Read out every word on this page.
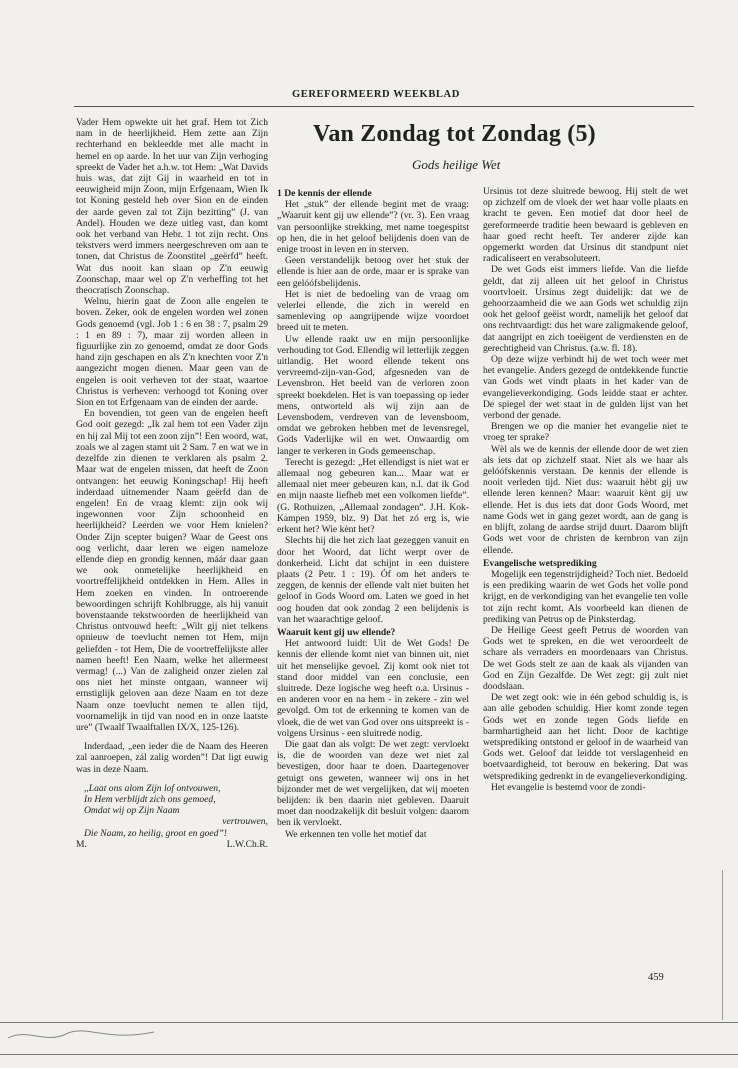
GEREFORMEERD WEEKBLAD

Vader Hem opwekte uit het graf. Hem tot Zich nam in de heerlijkheid. Hem zette aan Zijn rechterhand en bekleedde met alle macht in hemel en op aarde. In het uur van Zijn verhoging spreekt de Vader het a.h.w. tot Hem: „Wat Davids huis was, dat zijt Gij in waarheid en tot in eeuwigheid mijn Zoon, mijn Erfgenaam, Wien Ik tot Koning gesteld heb over Sion en de einden der aarde geven zal tot Zijn bezitting” (J. van Andel). Houden we deze uitleg vast, dan komt ook het verband van Hebr. 1 tot zijn recht. Ons tekstvers werd immers neergeschreven om aan te tonen, dat Christus de Zoonstitel „geërfd” heeft. Wat dus nooit kan slaan op Z'n eeuwig Zoonschap, maar wel op Z'n verheffing tot het theocratisch Zoonschap.

Welnu, hierin gaat de Zoon alle engelen te boven. Zeker, ook de engelen worden wel zonen Gods genoemd (vgl. Job 1 : 6 en 38 : 7, psalm 29 : 1 en 89 : 7), maar zij worden alleen in figuurlijke zin zo genoemd, omdat ze door Gods hand zijn geschapen en als Z'n knechten voor Z'n aangezicht mogen dienen. Maar geen van de engelen is ooit verheven tot der staat, waartoe Christus is verheven: verhoogd tot Koning over Sion en tot Erfgenaam van de einden der aarde.

En bovendien, tot geen van de engelen heeft God ooit gezegd: „Ik zal hem tot een Vader zijn en hij zal Mij tot een zoon zijn”! Een woord, wat, zoals we al zagen stamt uit 2 Sam. 7 en wat we in dezelfde zin dienen te verklaren als psalm 2. Maar wat de engelen missen, dat heeft de Zoon ontvangen: het eeuwig Koningschap! Hij heeft inderdaad uitnemender Naam geërfd dan de engelen! En de vraag klemt: zijn ook wij ingewonnen voor Zijn schoonheid en heerlijkheid? Leerden we voor Hem knielen? Onder Zijn scepter buigen? Waar de Geest ons oog verlicht, daar leren we eigen nameloze ellende diep en grondig kennen, máár daar gaan we ook onmetelijke heerlijkheid en voortreffelijkheid ontdekken in Hem. Alles in Hem zoeken en vinden. In ontroerende bewoordingen schrijft Kohlbrugge, als hij vanuit bovenstaande tekstwoorden de heerlijkheid van Christus ontvouwd heeft: „Wilt gij niet telkens opnieuw de toevlucht nemen tot Hem, mijn geliefden - tot Hem, Die de voortreffelijkste aller namen heeft! Een Naam, welke het allermeest vermag! (...) Van de zaligheid onzer zielen zal ons niet het minste ontgaan, wanneer wij ernstiglijk geloven aan deze Naam en tot deze Naam onze toevlucht nemen te allen tijd, voornamelijk in tijd van nood en in onze laatste ure” (Twaalf Twaalftallen IX/X, 125-126).

Inderdaad, „een ieder die de Naam des Heeren zal aanroepen, zál zalig worden”! Dat ligt euwig was in deze Naam.

,,Laat ons alom Zijn lof ontvouwen,

In Hem verblijdt zich ons gemoed,

Omdat wij op Zijn Naam

vertrouwen,

Die Naam, zo heilig, groot en goed”!

M.	L.W.Ch.R.
Van Zondag tot Zondag (5)
Gods heilige Wet

1 De kennis der ellende

Het „stuk” der ellende begint met de vraag: „Waaruit kent gij uw ellende”? (vr. 3). Een vraag van persoonlijke strekking, met name toegespitst op hen, die in het geloof belijdenis doen van de enige troost in leven en in sterven.

Geen verstandelijk betoog over het stuk der ellende is hier aan de orde, maar er is sprake van een gelóófsbelijdenis.

Het is niet de bedoeling van de vraag om velerlei ellende, die zich in wereld en samenleving op aangrijpende wijze voordoet breed uit te meten.

Uw ellende raakt uw en mijn persoonlijke verhouding tot God. Ellendig wil letterlijk zeggen uitlandig. Het woord ellende tekent ons vervreemd-zijn-van-God, afgesneden van de Levensbron. Het beeld van de verloren zoon spreekt boekdelen. Het is van toepassing op ieder mens, ontworteld als wij zijn aan de Levensbodem, verdreven van de levensboom, omdat we gebroken hebben met de levensregel, Gods Vaderlijke wil en wet. Onwaardig om langer te verkeren in Gods gemeenschap.

Terecht is gezegd: „Het ellendigst is niet wat er allemaal nog gebeuren kan... Maar wat er allemaal niet meer gebeuren kan, n.l. dat ik God en mijn naaste liefheb met een volkomen liefde”. (G. Rothuizen, „Allemaal zondagen”. J.H. Kok-Kampen 1959, blz. 9) Dat het zó erg is, wie erkent het? Wie kènt het?

Slechts hij die het zich laat gezeggen vanuit en door het Woord, dat licht werpt over de donkerheid. Licht dat schijnt in een duistere plaats (2 Petr. 1 : 19). Óf om het anders te zeggen, de kennis der ellende valt niet buiten het geloof in Gods Woord om. Laten we goed in het oog houden dat ook zondag 2 een belijdenis is van het waarachtige geloof.

Waaruit kent gij uw ellende?

Het antwoord luidt: Uit de Wet Gods! De kennis der ellende komt niet van binnen uit, niet uit het menselijke gevoel. Zij komt ook niet tot stand door middel van een conclusie, een sluitrede. Deze logische weg heeft o.a. Ursinus - en anderen voor en na hem - in zekere - zin wel gevolgd. Om tot de erkenning te komen van de vloek, die de wet van God over ons uitspreekt is - volgens Ursinus - een sluitrede nodig.

Die gaat dan als volgt: De wet zegt: vervloekt is, die de woorden van deze wet niet zal bevestigen, door haar te doen. Daartegenover getuigt ons geweten, wanneer wij ons in het bijzonder met de wet vergelijken, dat wij moeten belijden: ik ben daarin niet gebleven. Daaruit moet dan noodzakelijk dit besluit volgen: daarom ben ik vervloekt.

We erkennen ten volle het motief dat

Ursinus tot deze sluitrede bewoog. Hij stelt de wet op zichzelf om de vloek der wet haar volle plaats en kracht te geven. Een motief dat door heel de gereformeerde traditie heen bewaard is gebleven en haar goed recht heeft. Ter anderer zijde kan opgemerkt worden dat Ursinus dit standpunt niet radicaliseert en verabsoluteert.

De wet Gods eist immers liefde. Van die liefde geldt, dat zij alleen uit het geloof in Christus voortvloeit. Ursinus zegt duidelijk: dat we de gehoorzaamheid die we aan Gods wet schuldig zijn ook het geloof geëist wordt, namelijk het geloof dat ons rechtvaardigt: dus het ware zaligmakende geloof, dat aangrijpt en zich toeëigent de verdiensten en de gerechtigheid van Christus. (a.w. fl. 18).

Op deze wijze verbindt hij de wet toch weer met het evangelie. Anders gezegd de ontdekkende functie van Gods wet vindt plaats in het kader van de evangelieverkondiging. Gods leidde staat er achter. De spiegel der wet staat in de gulden lijst van het verbond der genade.

Brengen we op die manier het evangelie niet te vroeg ter sprake?

Wèl als we de kennis der ellende door de wet zien als iets dat op zichzelf staat. Niet als we haar als gelóófskennis verstaan. De kennis der ellende is nooit verleden tijd. Niet dus: waaruit hèbt gij uw ellende leren kennen? Maar: waaruit kènt gij uw ellende. Het is dus iets dat door Gods Woord, met name Gods wet in gang gezet wordt, aan de gang is en blijft, zolang de aardse strijd duurt. Daarom blijft Gods wet voor de christen de kernbron van zijn ellende.

Evangelische wetsprediking

Mogelijk een tegenstrijdigheid? Toch niet. Bedoeld is een prediking waarin de wet Gods het volle pond krijgt, en de verkondiging van het evangelie ten volle tot zijn recht komt. Als voorbeeld kan dienen de prediking van Petrus op de Pinksterdag.

De Heilige Geest geeft Petrus de woorden van Gods wet te spreken, en die wet veroordeelt de schare als verraders en moordenaars van Christus. De wet Gods stelt ze aan de kaak als vijanden van God en Zijn Gezalfde. De Wet zegt: gij zult niet doodslaan.

De wet zegt ook: wie in één gebod schuldig is, is aan alle geboden schuldig. Hier komt zonde tegen Gods wet en zonde tegen Gods liefde en barmhartigheid aan het licht. Door de kachtige wetsprediking ontstond er geloof in de waarheid van Gods wet. Geloof dat leidde tot verslagenheid en boetvaardigheid, tot berouw en bekering. Dat was wetsprediking gedrenkt in de evangelieverkondiging.

Het evangelie is bestemd voor de zondi-

459
